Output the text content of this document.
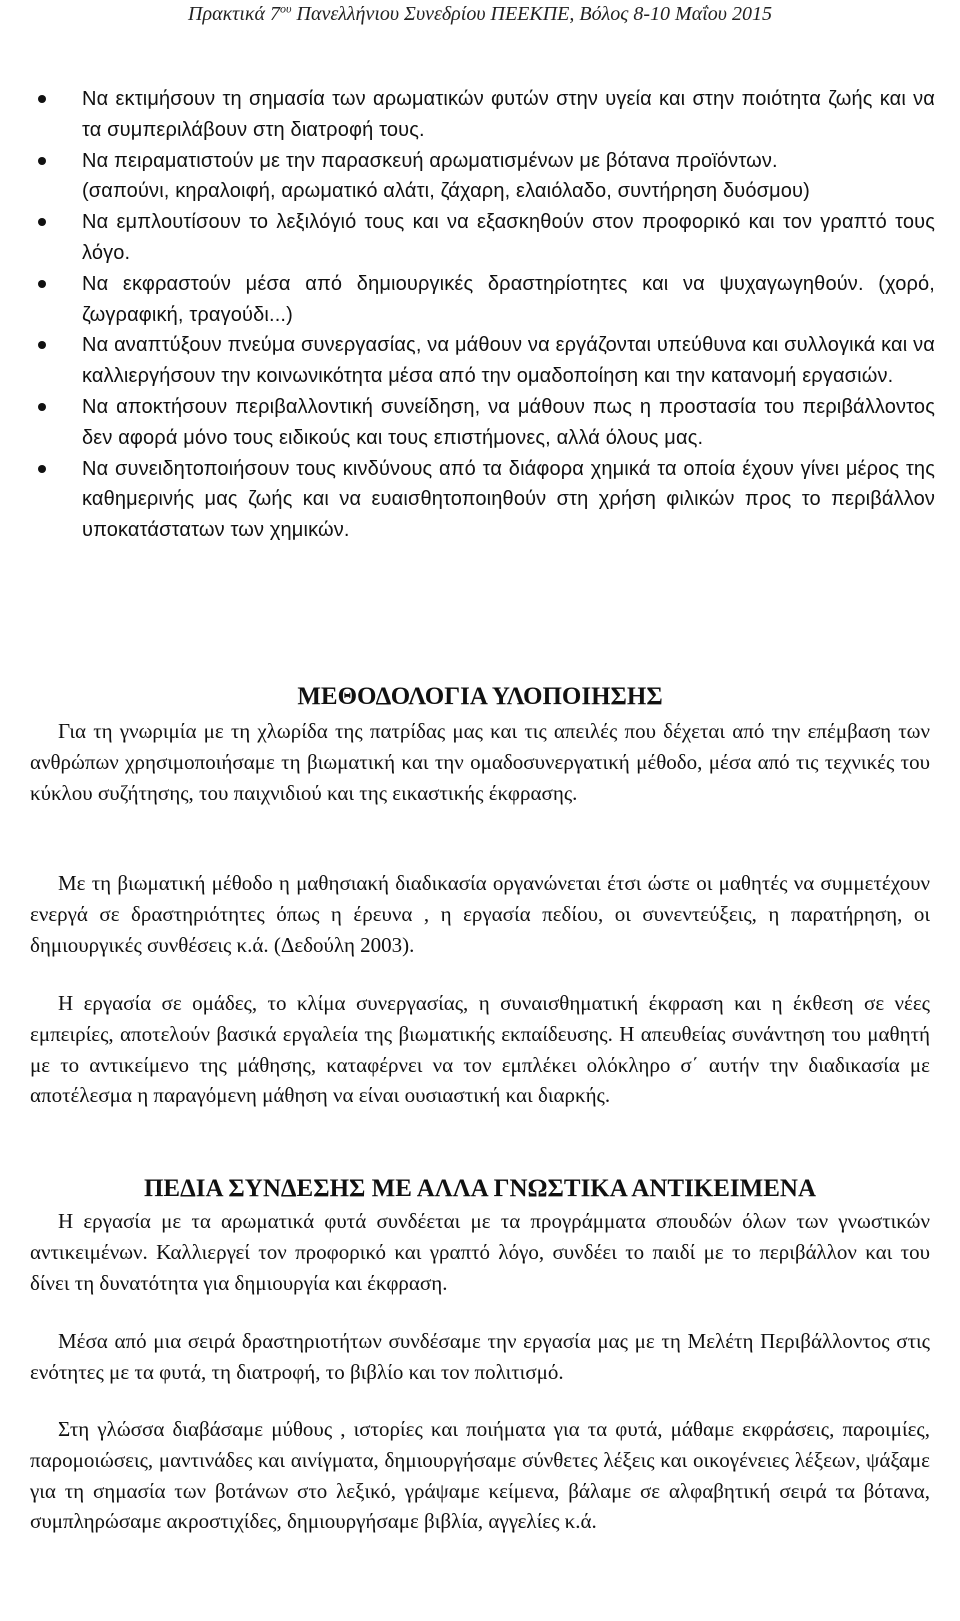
Πρακτικά $7^{o\upsilon}$ Πανελλήνιου Συνεδρίου ΠΕΕΚΠΕ, Βόλος 8-10 Μαΐου 2015
Να εκτιμήσουν τη σημασία των αρωματικών φυτών στην υγεία και στην ποιότητα ζωής και να τα συμπεριλάβουν στη διατροφή τους.
Να πειραματιστούν με την παρασκευή αρωματισμένων με βότανα προϊόντων.
(σαπούνι, κηραλοιφή, αρωματικό αλάτι, ζάχαρη, ελαιόλαδο, συντήρηση δυόσμου)
Να εμπλουτίσουν το λεξιλόγιό τους και να εξασκηθούν στον προφορικό και τον γραπτό τους λόγο.
Να εκφραστούν μέσα από δημιουργικές δραστηρίοτητες και να ψυχαγωγηθούν. (χορό, ζωγραφική, τραγούδι...)
Να αναπτύξουν πνεύμα συνεργασίας, να μάθουν να εργάζονται υπεύθυνα και συλλογικά και να καλλιεργήσουν την κοινωνικότητα μέσα από την ομαδοποίηση και την κατανομή εργασιών.
Να αποκτήσουν περιβαλλοντική συνείδηση, να μάθουν πως η προστασία του περιβάλλοντος δεν αφορά μόνο τους ειδικούς και τους επιστήμονες, αλλά όλους μας.
Να συνειδητοποιήσουν τους κινδύνους από τα διάφορα χημικά τα οποία έχουν γίνει μέρος της καθημερινής μας ζωής και να ευαισθητοποιηθούν στη χρήση φιλικών προς το περιβάλλον υποκατάστατων των χημικών.
ΜΕΘΟΔΟΛΟΓΙΑ ΥΛΟΠΟΙΗΣΗΣ

Για τη γνωριμία με τη χλωρίδα της πατρίδας μας και τις απειλές που δέχεται από την επέμβαση των ανθρώπων χρησιμοποιήσαμε τη βιωματική και την ομαδοσυνεργατική μέθοδο, μέσα από τις τεχνικές του κύκλου συζήτησης, του παιχνιδιού και της εικαστικής έκφρασης.

Με τη βιωματική μέθοδο η μαθησιακή διαδικασία οργανώνεται έτσι ώστε οι μαθητές να συμμετέχουν ενεργά σε δραστηριότητες όπως η έρευνα , η εργασία πεδίου, οι συνεντεύξεις, η παρατήρηση, οι δημιουργικές συνθέσεις κ.ά. (Δεδούλη 2003).

Η εργασία σε ομάδες, το κλίμα συνεργασίας, η συναισθηματική έκφραση και η έκθεση σε νέες εμπειρίες, αποτελούν βασικά εργαλεία της βιωματικής εκπαίδευσης. Η απευθείας συνάντηση του μαθητή με το αντικείμενο της μάθησης, καταφέρνει να τον εμπλέκει ολόκληρο σ΄ αυτήν την διαδικασία με αποτέλεσμα η παραγόμενη μάθηση να είναι ουσιαστική και διαρκής.

ΠΕΔΙΑ ΣΥΝΔΕΣΗΣ ΜΕ ΑΛΛΑ ΓΝΩΣΤΙΚΑ ΑΝΤΙΚΕΙΜΕΝΑ

Η εργασία με τα αρωματικά φυτά συνδέεται με τα προγράμματα σπουδών όλων των γνωστικών αντικειμένων. Καλλιεργεί τον προφορικό και γραπτό λόγο, συνδέει το παιδί με το περιβάλλον και του δίνει τη δυνατότητα για δημιουργία και έκφραση.

Μέσα από μια σειρά δραστηριοτήτων συνδέσαμε την εργασία μας με τη Μελέτη Περιβάλλοντος στις ενότητες με τα φυτά, τη διατροφή, το βιβλίο και τον πολιτισμό.

Στη γλώσσα διαβάσαμε μύθους , ιστορίες και ποιήματα για τα φυτά, μάθαμε εκφράσεις, παροιμίες, παρομοιώσεις, μαντινάδες και αινίγματα, δημιουργήσαμε σύνθετες λέξεις και οικογένειες λέξεων, ψάξαμε για τη σημασία των βοτάνων στο λεξικό, γράψαμε κείμενα, βάλαμε σε αλφαβητική σειρά τα βότανα, συμπληρώσαμε ακροστιχίδες, δημιουργήσαμε βιβλία, αγγελίες κ.ά.
